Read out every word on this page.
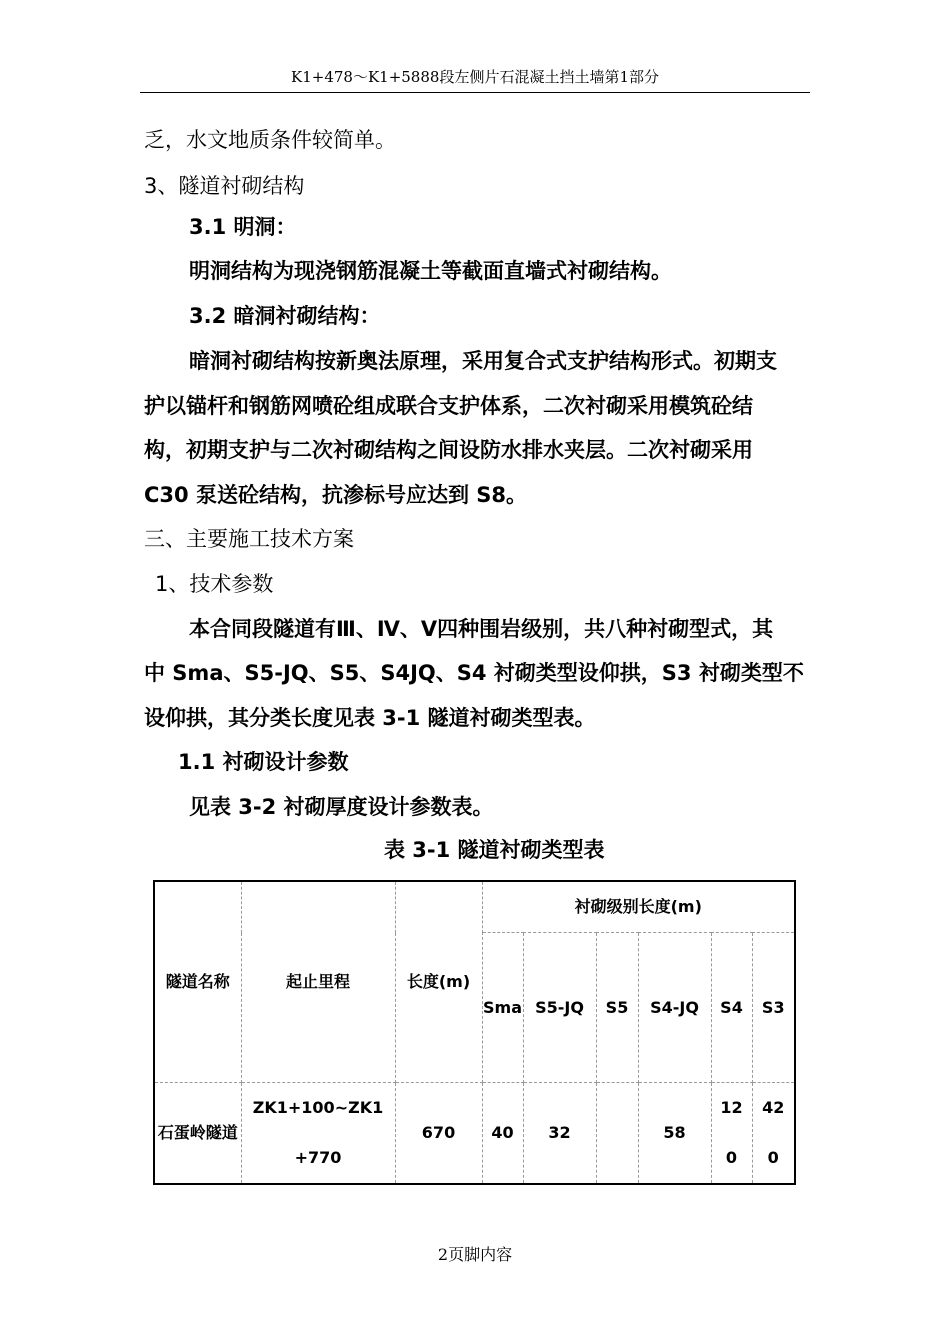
K1+478～K1+5888段左侧片石混凝土挡土墙第1部分
乏，水文地质条件较简单。
3、隧道衬砌结构
3.1 明洞：
明洞结构为现浇钢筋混凝土等截面直墙式衬砌结构。
3.2 暗洞衬砌结构：
暗洞衬砌结构按新奥法原理，采用复合式支护结构形式。初期支
护以锚杆和钢筋网喷砼组成联合支护体系，二次衬砌采用模筑砼结
构，初期支护与二次衬砌结构之间设防水排水夹层。二次衬砌采用
C30 泵送砼结构，抗渗标号应达到 S8。
三、主要施工技术方案
1、技术参数
本合同段隧道有Ⅲ、Ⅳ、Ⅴ四种围岩级别，共八种衬砌型式，其
中 Sma、S5-JQ、S5、S4JQ、S4 衬砌类型设仰拱，S3 衬砌类型不
设仰拱，其分类长度见表 3-1 隧道衬砌类型表。
1.1 衬砌设计参数
见表 3-2 衬砌厚度设计参数表。
表 3-1 隧道衬砌类型表
隧道名称	起止里程	长度(m)	衬砌级别长度(m)					
			Sma	S5-JQ	S5	S4-JQ	S4	S3
石蛋岭隧道	ZK1+100~ZK1+770	670	40	32		58	120	420
2页脚内容
